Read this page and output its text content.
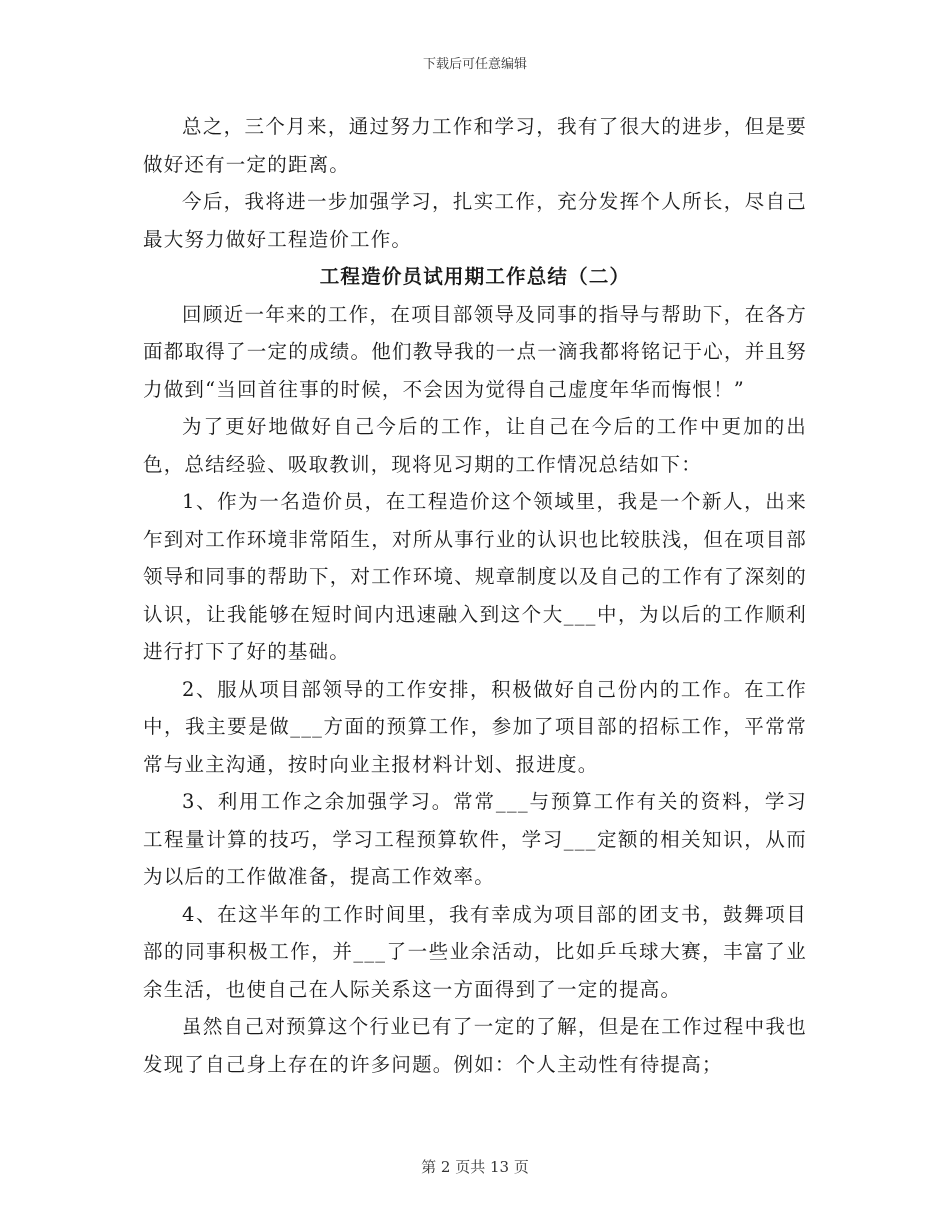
下载后可任意编辑

总之，三个月来，通过努力工作和学习，我有了很大的进步，但是要做好还有一定的距离。

今后，我将进一步加强学习，扎实工作，充分发挥个人所长，尽自己最大努力做好工程造价工作。

工程造价员试用期工作总结（二）

回顾近一年来的工作，在项目部领导及同事的指导与帮助下，在各方面都取得了一定的成绩。他们教导我的一点一滴我都将铭记于心，并且努力做到“当回首往事的时候，不会因为觉得自己虚度年华而悔恨！”

为了更好地做好自己今后的工作，让自己在今后的工作中更加的出色，总结经验、吸取教训，现将见习期的工作情况总结如下：

1、作为一名造价员，在工程造价这个领域里，我是一个新人，出来乍到对工作环境非常陌生，对所从事行业的认识也比较肤浅，但在项目部领导和同事的帮助下，对工作环境、规章制度以及自己的工作有了深刻的认识，让我能够在短时间内迅速融入到这个大___中，为以后的工作顺利进行打下了好的基础。

2、服从项目部领导的工作安排，积极做好自己份内的工作。在工作中，我主要是做___方面的预算工作，参加了项目部的招标工作，平常常常与业主沟通，按时向业主报材料计划、报进度。

3、利用工作之余加强学习。常常___与预算工作有关的资料，学习工程量计算的技巧，学习工程预算软件，学习___定额的相关知识，从而为以后的工作做准备，提高工作效率。

4、在这半年的工作时间里，我有幸成为项目部的团支书，鼓舞项目部的同事积极工作，并___了一些业余活动，比如乒乓球大赛，丰富了业余生活，也使自己在人际关系这一方面得到了一定的提高。

虽然自己对预算这个行业已有了一定的了解，但是在工作过程中我也发现了自己身上存在的许多问题。例如：个人主动性有待提高；

第 2 页共 13 页
